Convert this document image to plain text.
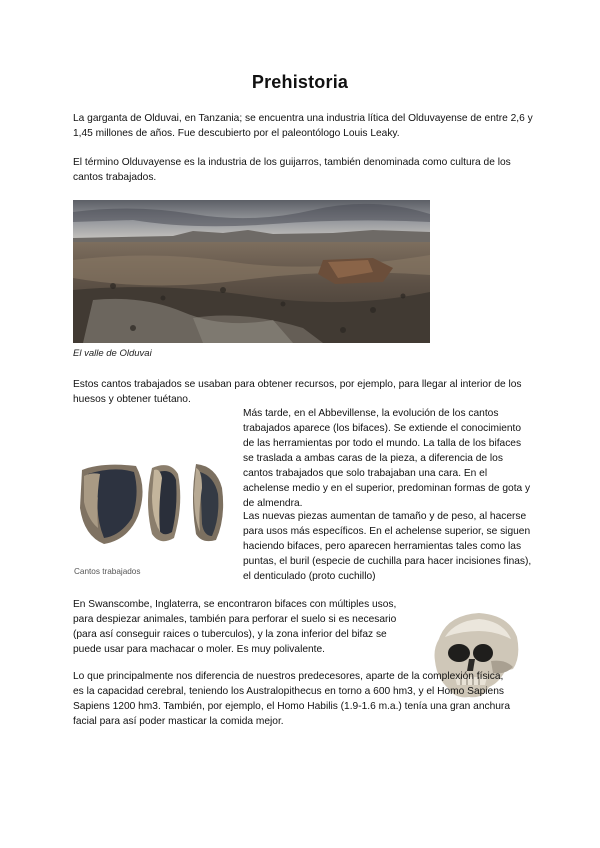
Prehistoria

La garganta de Olduvai, en Tanzania; se encuentra una industria lítica del Olduvayense de entre 2,6 y 1,45 millones de años. Fue descubierto por el paleontólogo Louis Leaky.

El término Olduvayense es la industria de los guijarros, también denominada como cultura de los cantos trabajados.

El valle de Olduvai

Estos cantos trabajados se usaban para obtener recursos, por ejemplo, para llegar al interior de los huesos y obtener tuétano.

Cantos trabajados

Más tarde, en el Abbevillense, la evolución de los cantos trabajados aparece (los bifaces). Se extiende el conocimiento de las herramientas por todo el mundo. La talla de los bifaces se traslada a ambas caras de la pieza, a diferencia de los cantos trabajados que solo trabajaban una cara. En el achelense medio y en el superior, predominan formas de gota y de almendra.

Las nuevas piezas aumentan de tamaño y de peso, al hacerse para usos más específicos. En el achelense superior, se siguen haciendo bifaces, pero aparecen herramientas tales como las puntas, el buril (especie de cuchilla para hacer incisiones finas), el denticulado (proto cuchillo)

En Swanscombe, Inglaterra, se encontraron bifaces con múltiples usos, para despiezar animales, también para perforar el suelo si es necesario (para así conseguir raices o tuberculos), y la zona inferior del bifaz se puede usar para machacar o moler. Es muy polivalente.

Lo que principalmente nos diferencia de nuestros predecesores, aparte de la complexión física, es la capacidad cerebral, teniendo los Australopithecus en torno a 600 hm3, y el Homo Sapiens Sapiens 1200 hm3. También, por ejemplo, el Homo Habilis (1.9-1.6 m.a.) tenía una gran anchura facial para así poder masticar la comida mejor.
